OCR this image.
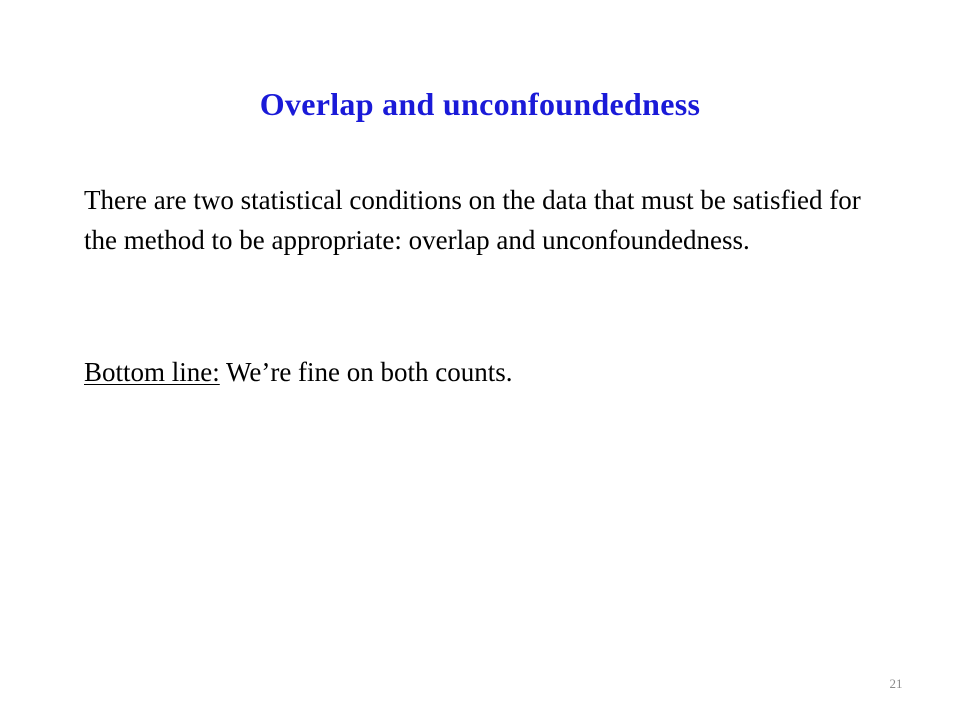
Overlap and unconfoundedness

There are two statistical conditions on the data that must be satisfied for the method to be appropriate: overlap and unconfoundedness.

Bottom line: We’re fine on both counts.

21
